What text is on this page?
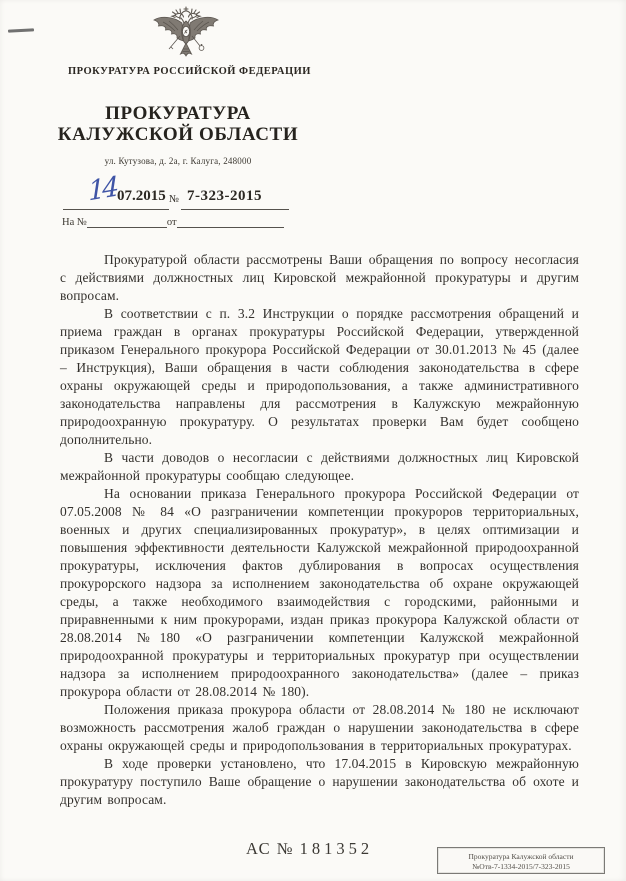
ПРОКУРАТУРА РОССИЙСКОЙ ФЕДЕРАЦИИ
ПРОКУРАТУРА
КАЛУЖСКОЙ ОБЛАСТИ
ул. Кутузова, д. 2а, г. Калуга, 248000
14 07.2015 № 7-323-2015
На №	от

Прокуратурой области рассмотрены Ваши обращения по вопросу несогласия с действиями должностных лиц Кировской межрайонной прокуратуры и другим вопросам.

В соответствии с п. 3.2 Инструкции о порядке рассмотрения обращений и приема граждан в органах прокуратуры Российской Федерации, утвержденной приказом Генерального прокурора Российской Федерации от 30.01.2013 № 45 (далее – Инструкция), Ваши обращения в части соблюдения законодательства в сфере охраны окружающей среды и природопользования, а также административного законодательства направлены для рассмотрения в Калужскую межрайонную природоохранную прокуратуру. О результатах проверки Вам будет сообщено дополнительно.

В части доводов о несогласии с действиями должностных лиц Кировской межрайонной прокуратуры сообщаю следующее.

На основании приказа Генерального прокурора Российской Федерации от 07.05.2008 № 84 «О разграничении компетенции прокуроров территориальных, военных и других специализированных прокуратур», в целях оптимизации и повышения эффективности деятельности Калужской межрайонной природоохранной прокуратуры, исключения фактов дублирования в вопросах осуществления прокурорского надзора за исполнением законодательства об охране окружающей среды, а также необходимого взаимодействия с городскими, районными и приравненными к ним прокурорами, издан приказ прокурора Калужской области от 28.08.2014 №180 «О разграничении компетенции Калужской межрайонной природоохранной прокуратуры и территориальных прокуратур при осуществлении надзора за исполнением природоохранного законодательства» (далее – приказ прокурора области от 28.08.2014 № 180).

Положения приказа прокурора области от 28.08.2014 № 180 не исключают возможность рассмотрения жалоб граждан о нарушении законодательства в сфере охраны окружающей среды и природопользования в территориальных прокуратурах.

В ходе проверки установлено, что 17.04.2015 в Кировскую межрайонную прокуратуру поступило Ваше обращение о нарушении законодательства об охоте и другим вопросам.

АС № 181352	Прокуратура Калужской области
№Отв-7-1334-2015/7-323-2015
